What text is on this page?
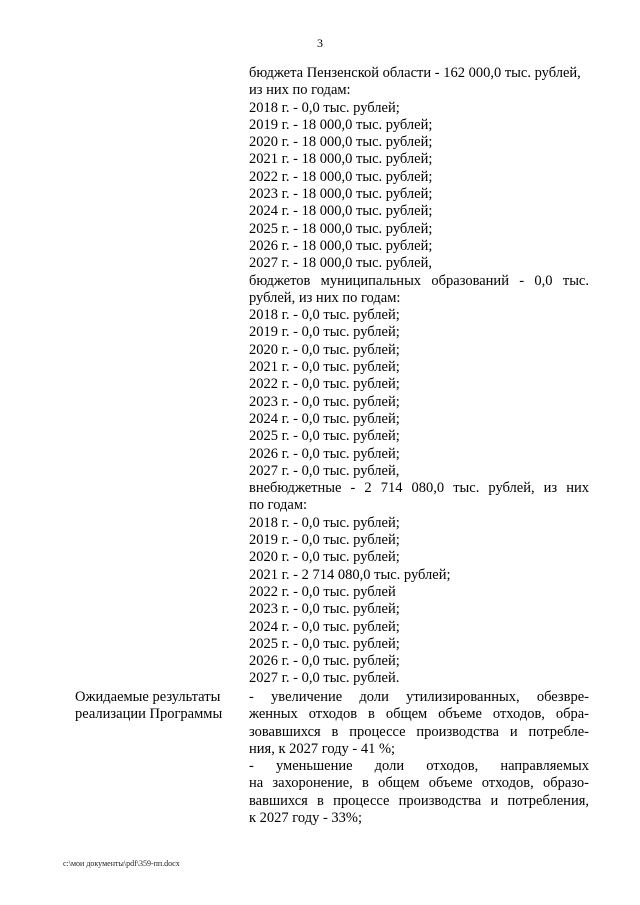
3
бюджета Пензенской области - 162 000,0 тыс. рублей,
из них по годам:
2018 г. - 0,0 тыс. рублей;
2019 г. - 18 000,0 тыс. рублей;
2020 г. - 18 000,0 тыс. рублей;
2021 г. - 18 000,0 тыс. рублей;
2022 г. - 18 000,0 тыс. рублей;
2023 г. - 18 000,0 тыс. рублей;
2024 г. - 18 000,0 тыс. рублей;
2025 г. - 18 000,0 тыс. рублей;
2026 г. - 18 000,0 тыс. рублей;
2027 г. - 18 000,0 тыс. рублей,
бюджетов муниципальных образований - 0,0 тыс.
рублей, из них по годам:
2018 г. - 0,0 тыс. рублей;
2019 г. - 0,0 тыс. рублей;
2020 г. - 0,0 тыс. рублей;
2021 г. - 0,0 тыс. рублей;
2022 г. - 0,0 тыс. рублей;
2023 г. - 0,0 тыс. рублей;
2024 г. - 0,0 тыс. рублей;
2025 г. - 0,0 тыс. рублей;
2026 г. - 0,0 тыс. рублей;
2027 г. - 0,0 тыс. рублей,
внебюджетные - 2 714 080,0 тыс. рублей, из них
по годам:
2018 г. - 0,0 тыс. рублей;
2019 г. - 0,0 тыс. рублей;
2020 г. - 0,0 тыс. рублей;
2021 г. - 2 714 080,0 тыс. рублей;
2022 г. - 0,0 тыс. рублей
2023 г. - 0,0 тыс. рублей;
2024 г. - 0,0 тыс. рублей;
2025 г. - 0,0 тыс. рублей;
2026 г. - 0,0 тыс. рублей;
2027 г. - 0,0 тыс. рублей.
Ожидаемые результаты
реализации Программы
- увеличение доли утилизированных, обезвре-
женных отходов в общем объеме отходов, обра-
зовавшихся в процессе производства и потребле-
ния, к 2027 году - 41 %;
- уменьшение доли отходов, направляемых
на захоронение, в общем объеме отходов, образо-
вавшихся в процессе производства и потребления,
к 2027 году - 33%;
c:\мои документы\pdf\359-пп.docx
